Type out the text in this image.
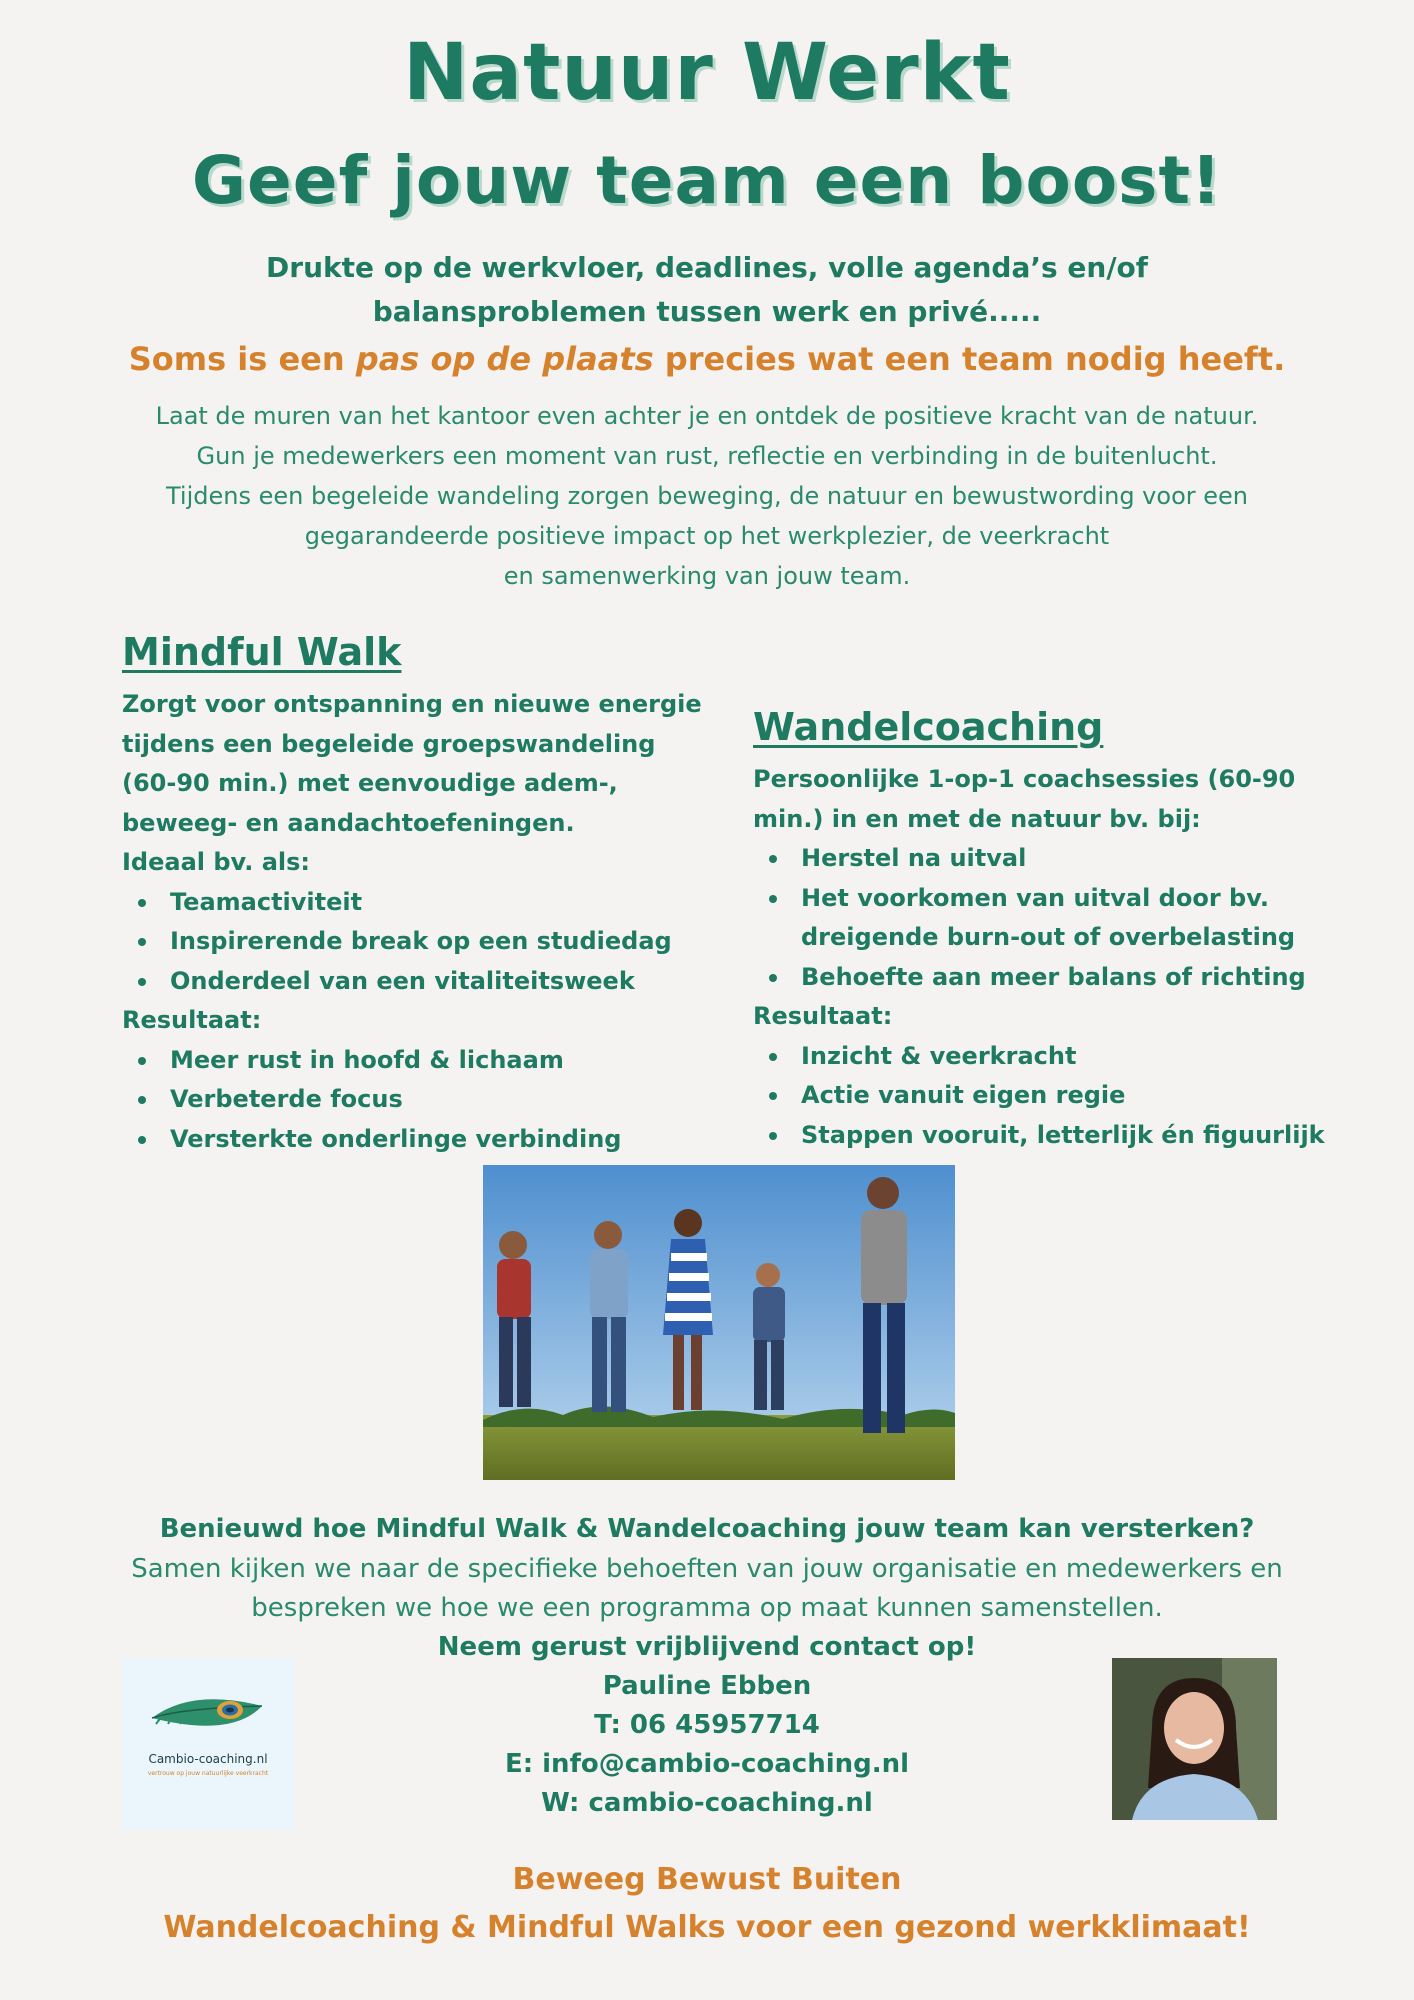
Natuur Werkt
Geef jouw team een boost!
Drukte op de werkvloer, deadlines, volle agenda’s en/of
balansproblemen tussen werk en privé.....
Soms is een pas op de plaats precies wat een team nodig heeft.
Laat de muren van het kantoor even achter je en ontdek de positieve kracht van de natuur.
Gun je medewerkers een moment van rust, reflectie en verbinding in de buitenlucht.
Tijdens een begeleide wandeling zorgen beweging, de natuur en bewustwording voor een
gegarandeerde positieve impact op het werkplezier, de veerkracht
en samenwerking van jouw team.
Mindful Walk
Zorgt voor ontspanning en nieuwe energie
tijdens een begeleide groepswandeling
(60-90 min.) met eenvoudige adem-,
beweeg- en aandachtoefeningen.
Ideaal bv. als:
Teamactiviteit
Inspirerende break op een studiedag
Onderdeel van een vitaliteitsweek
Resultaat:
Meer rust in hoofd & lichaam
Verbeterde focus
Versterkte onderlinge verbinding
Wandelcoaching
Persoonlijke 1-op-1 coachsessies (60-90
min.) in en met de natuur bv. bij:
Herstel na uitval
Het voorkomen van uitval door bv.
dreigende burn-out of overbelasting
Behoefte aan meer balans of richting
Resultaat:
Inzicht & veerkracht
Actie vanuit eigen regie
Stappen vooruit, letterlijk én figuurlijk
Benieuwd hoe Mindful Walk & Wandelcoaching jouw team kan versterken?
Samen kijken we naar de specifieke behoeften van jouw organisatie en medewerkers en
bespreken we hoe we een programma op maat kunnen samenstellen.
Neem gerust vrijblijvend contact op!
Pauline Ebben
T: 06 45957714
E: info@cambio-coaching.nl
W: cambio-coaching.nl
Cambio-coaching.nl
vertrouw op jouw natuurlijke veerkracht
Beweeg Bewust Buiten
Wandelcoaching & Mindful Walks voor een gezond werkklimaat!
